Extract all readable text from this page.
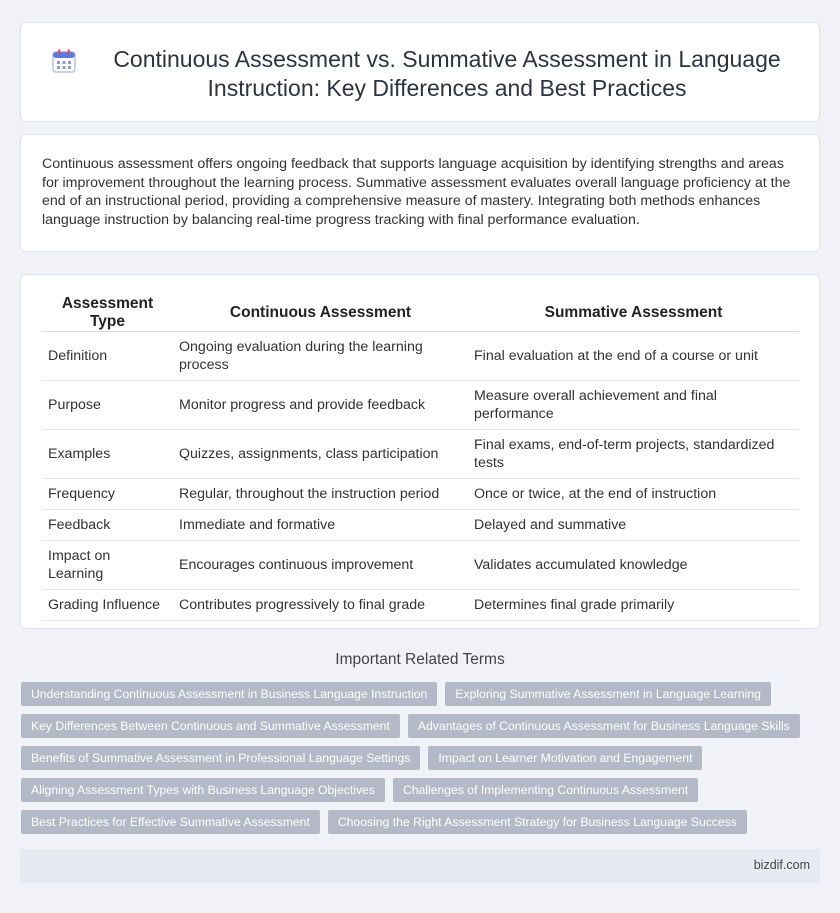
Continuous Assessment vs. Summative Assessment in Language Instruction: Key Differences and Best Practices

Continuous assessment offers ongoing feedback that supports language acquisition by identifying strengths and areas for improvement throughout the learning process. Summative assessment evaluates overall language proficiency at the end of an instructional period, providing a comprehensive measure of mastery. Integrating both methods enhances language instruction by balancing real-time progress tracking with final performance evaluation.

Assessment Type	Continuous Assessment	Summative Assessment
Definition	Ongoing evaluation during the learning process	Final evaluation at the end of a course or unit
Purpose	Monitor progress and provide feedback	Measure overall achievement and final performance
Examples	Quizzes, assignments, class participation	Final exams, end-of-term projects, standardized tests
Frequency	Regular, throughout the instruction period	Once or twice, at the end of instruction
Feedback	Immediate and formative	Delayed and summative
Impact on Learning	Encourages continuous improvement	Validates accumulated knowledge
Grading Influence	Contributes progressively to final grade	Determines final grade primarily
Important Related Terms
Understanding Continuous Assessment in Business Language Instruction	Exploring Summative Assessment in Language Learning
Key Differences Between Continuous and Summative Assessment	Advantages of Continuous Assessment for Business Language Skills
Benefits of Summative Assessment in Professional Language Settings	Impact on Learner Motivation and Engagement
Aligning Assessment Types with Business Language Objectives	Challenges of Implementing Continuous Assessment
Best Practices for Effective Summative Assessment	Choosing the Right Assessment Strategy for Business Language Success
bizdif.com
